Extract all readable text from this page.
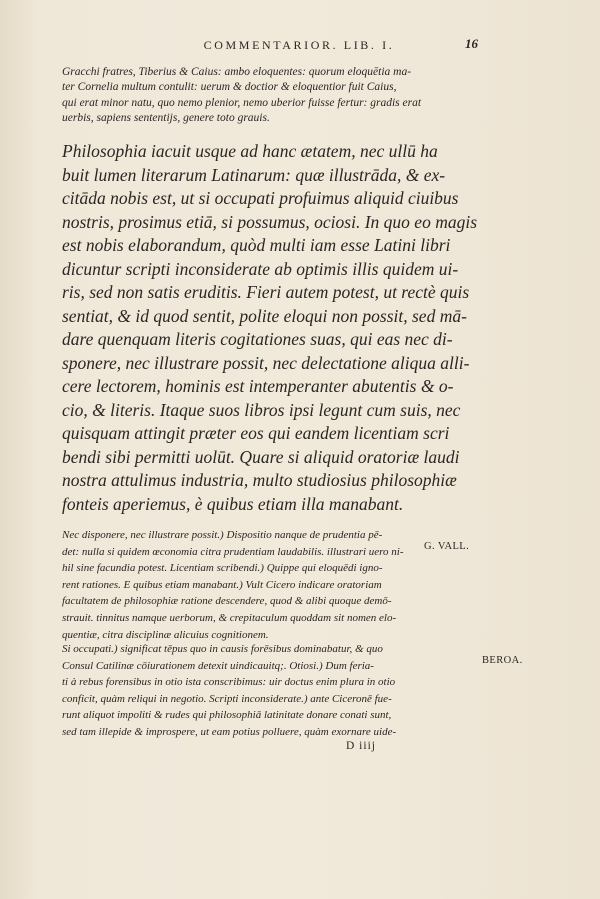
COMMENTARIOR. LIB. I.	16

Gracchi fratres, Tiberius & Caius: ambo eloquentes: quorum eloquētia ma-
ter Cornelia multum contulit: uerum & doctior & eloquentior fuit Caius,
qui erat minor natu, quo nemo plenior, nemo uberior fuisse fertur: gradis erat
uerbis, sapiens sententijs, genere toto grauis.

Philosophia iacuit usque ad hanc ætatem, nec ullū ha
buit lumen literarum Latinarum: quæ illustrāda, & ex-
citāda nobis est, ut si occupati profuimus aliquid ciuibus
nostris, prosimus etiā, si possumus, ociosi. In quo eo magis
est nobis elaborandum, quòd multi iam esse Latini libri
dicuntur scripti inconsiderate ab optimis illis quidem ui-
ris, sed non satis eruditis. Fieri autem potest, ut rectè quis
sentiat, & id quod sentit, polite eloqui non possit, sed mā-
dare quenquam literis cogitationes suas, qui eas nec di-
sponere, nec illustrare possit, nec delectatione aliqua alli-
cere lectorem, hominis est intemperanter abutentis & o-
cio, & literis. Itaque suos libros ipsi legunt cum suis, nec
quisquam attingit præter eos qui eandem licentiam scri
bendi sibi permitti uolūt. Quare si aliquid oratoriæ laudi
nostra attulimus industria, multo studiosius philosophiæ
fonteis aperiemus, è quibus etiam illa manabant.

Nec disponere, nec illustrare possit.) Dispositio nanque de prudentia pē-
det: nulla si quidem œconomia citra prudentiam laudabilis. illustrari uero ni-
hil sine facundia potest. Licentiam scribendi.) Quippe qui eloquēdi igno-
rent rationes. E quibus etiam manabant.) Vult Cicero indicare oratoriam
facultatem de philosophiæ ratione descendere, quod & alibi quoque demō-
strauit. tinnitus namque uerborum, & crepitaculum quoddam sit nomen elo-
quentiæ, citra disciplinæ alicuius cognitionem.

G. VALL.

Si occupati.) significat tēpus quo in causis forēsibus dominabatur, & quo
Consul Catilinæ cōiurationem detexit uindicauitq;. Otiosi.) Dum feria-
ti à rebus forensibus in otio ista conscribimus: uir doctus enim plura in otio
conficit, quàm reliqui in negotio. Scripti inconsiderate.) ante Ciceronē fue-
runt aliquot impoliti & rudes qui philosophiā latinitate donare conati sunt,
sed tam illepide & improspere, ut eam potius polluere, quàm exornare uide-

BEROA.
D iiij
